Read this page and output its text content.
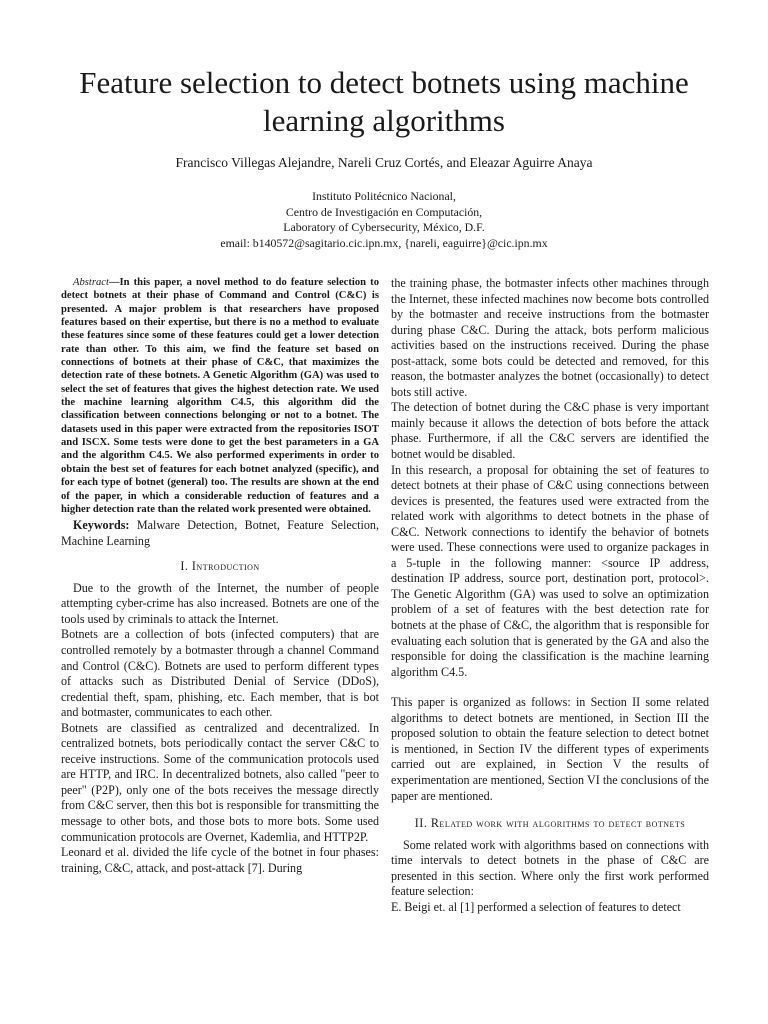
Feature selection to detect botnets using machine learning algorithms

Francisco Villegas Alejandre, Nareli Cruz Cortés, and Eleazar Aguirre Anaya

Instituto Politécnico Nacional,
Centro de Investigación en Computación,
Laboratory of Cybersecurity, México, D.F.
email: b140572@sagitario.cic.ipn.mx, {nareli, eaguirre}@cic.ipn.mx

Abstract—In this paper, a novel method to do feature selection to detect botnets at their phase of Command and Control (C&C) is presented. A major problem is that researchers have proposed features based on their expertise, but there is no a method to evaluate these features since some of these features could get a lower detection rate than other. To this aim, we find the feature set based on connections of botnets at their phase of C&C, that maximizes the detection rate of these botnets. A Genetic Algorithm (GA) was used to select the set of features that gives the highest detection rate. We used the machine learning algorithm C4.5, this algorithm did the classification between connections belonging or not to a botnet. The datasets used in this paper were extracted from the repositories ISOT and ISCX. Some tests were done to get the best parameters in a GA and the algorithm C4.5. We also performed experiments in order to obtain the best set of features for each botnet analyzed (specific), and for each type of botnet (general) too. The results are shown at the end of the paper, in which a considerable reduction of features and a higher detection rate than the related work presented were obtained.

Keywords: Malware Detection, Botnet, Feature Selection, Machine Learning

I. Introduction

Due to the growth of the Internet, the number of people attempting cyber-crime has also increased. Botnets are one of the tools used by criminals to attack the Internet.

Botnets are a collection of bots (infected computers) that are controlled remotely by a botmaster through a channel Command and Control (C&C). Botnets are used to perform different types of attacks such as Distributed Denial of Service (DDoS), credential theft, spam, phishing, etc. Each member, that is bot and botmaster, communicates to each other.

Botnets are classified as centralized and decentralized. In centralized botnets, bots periodically contact the server C&C to receive instructions. Some of the communication protocols used are HTTP, and IRC. In decentralized botnets, also called "peer to peer" (P2P), only one of the bots receives the message directly from C&C server, then this bot is responsible for transmitting the message to other bots, and those bots to more bots. Some used communication protocols are Overnet, Kademlia, and HTTP2P.

Leonard et al. divided the life cycle of the botnet in four phases: training, C&C, attack, and post-attack [7]. During

the training phase, the botmaster infects other machines through the Internet, these infected machines now become bots controlled by the botmaster and receive instructions from the botmaster during phase C&C. During the attack, bots perform malicious activities based on the instructions received. During the phase post-attack, some bots could be detected and removed, for this reason, the botmaster analyzes the botnet (occasionally) to detect bots still active.

The detection of botnet during the C&C phase is very important mainly because it allows the detection of bots before the attack phase. Furthermore, if all the C&C servers are identified the botnet would be disabled.

In this research, a proposal for obtaining the set of features to detect botnets at their phase of C&C using connections between devices is presented, the features used were extracted from the related work with algorithms to detect botnets in the phase of C&C. Network connections to identify the behavior of botnets were used. These connections were used to organize packages in a 5-tuple in the following manner: <source IP address, destination IP address, source port, destination port, protocol>. The Genetic Algorithm (GA) was used to solve an optimization problem of a set of features with the best detection rate for botnets at the phase of C&C, the algorithm that is responsible for evaluating each solution that is generated by the GA and also the responsible for doing the classification is the machine learning algorithm C4.5.

This paper is organized as follows: in Section II some related algorithms to detect botnets are mentioned, in Section III the proposed solution to obtain the feature selection to detect botnet is mentioned, in Section IV the different types of experiments carried out are explained, in Section V the results of experimentation are mentioned, Section VI the conclusions of the paper are mentioned.

II. Related work with algorithms to detect botnets

Some related work with algorithms based on connections with time intervals to detect botnets in the phase of C&C are presented in this section. Where only the first work performed feature selection:

E. Beigi et. al [1] performed a selection of features to detect
